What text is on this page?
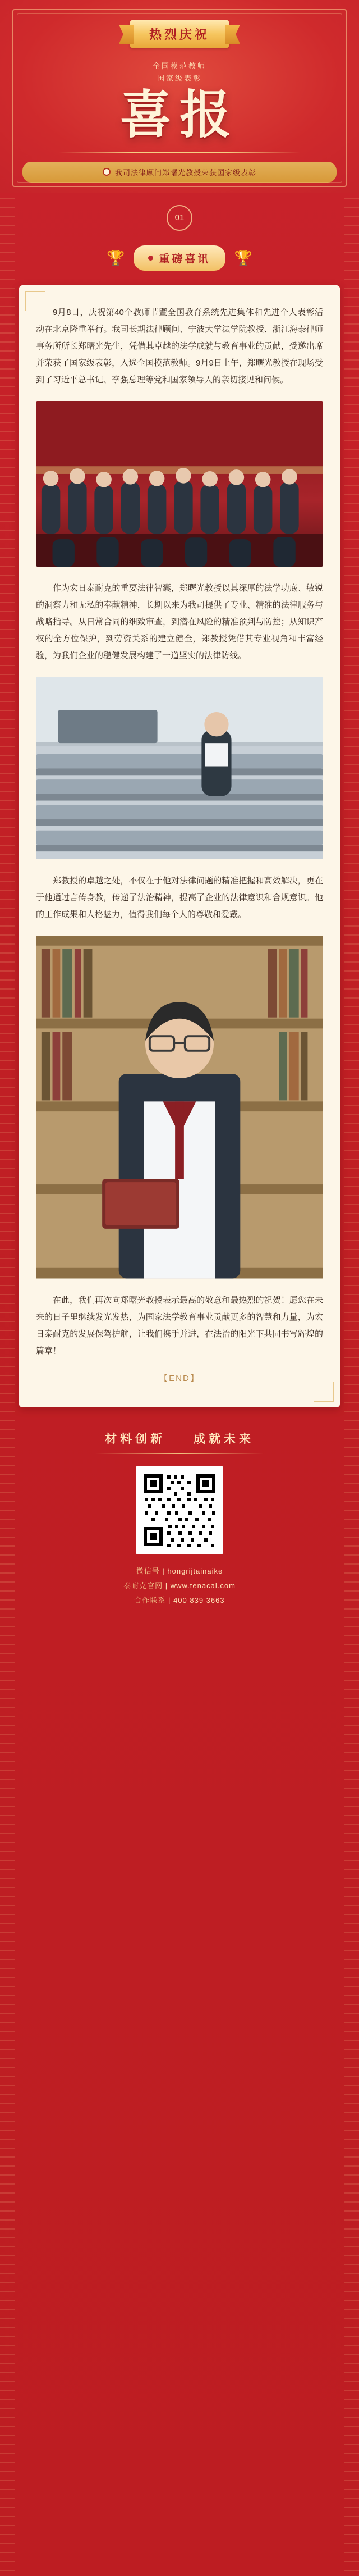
热烈庆祝
全国模范教师
国家级表彰
喜报
我司法律顾问郑曙光教授荣获国家级表彰
01
🏆	重磅喜讯 🏆

9月8日，庆祝第40个教师节暨全国教育系统先进集体和先进个人表彰活动在北京隆重举行。我司长期法律顾问、宁波大学法学院教授、浙江海泰律师事务所所长郑曙光先生，凭借其卓越的法学成就与教育事业的贡献，受邀出席并荣获了国家级表彰，入选全国模范教师。9月9日上午，郑曙光教授在现场受到了习近平总书记、李强总理等党和国家领导人的亲切接见和问候。

作为宏日泰耐克的重要法律智囊，郑曙光教授以其深厚的法学功底、敏锐的洞察力和无私的奉献精神，长期以来为我司提供了专业、精准的法律服务与战略指导。从日常合同的细致审查，到潜在风险的精准预判与防控；从知识产权的全方位保护，到劳资关系的建立健全，郑教授凭借其专业视角和丰富经验，为我们企业的稳健发展构建了一道坚实的法律防线。

郑教授的卓越之处，不仅在于他对法律问题的精准把握和高效解决，更在于他通过言传身教，传递了法治精神，提高了企业的法律意识和合规意识。他的工作成果和人格魅力，值得我们每个人的尊敬和爱戴。

在此，我们再次向郑曙光教授表示最高的敬意和最热烈的祝贺！愿您在未来的日子里继续发光发热，为国家法学教育事业贡献更多的智慧和力量，为宏日泰耐克的发展保驾护航，让我们携手并进，在法治的阳光下共同书写辉煌的篇章！

【END】
材料创新 成就未来
微信号 | hongrijtainaike
泰耐克官网 | www.tenacal.com
合作联系 | 400 839 3663
